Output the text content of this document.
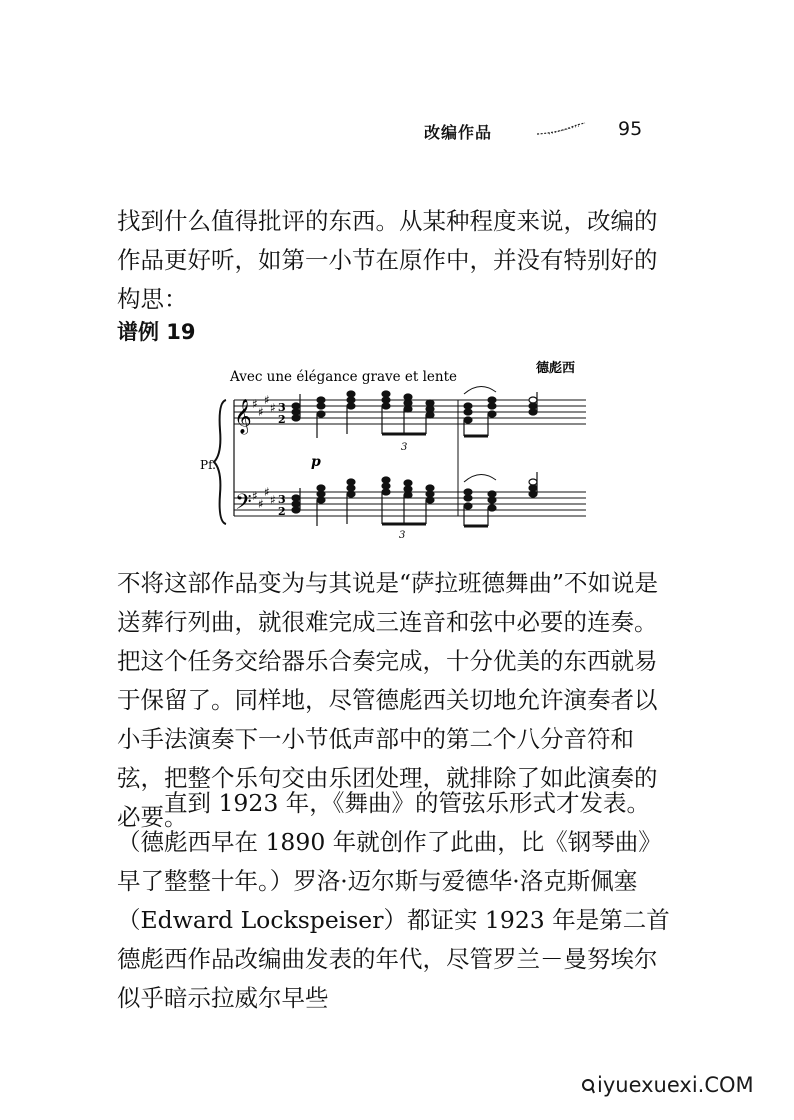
改编作品	95

找到什么值得批评的东西。从某种程度来说，改编的作品更好听，如第一小节在原作中，并没有特别好的构思：

谱例 19
Avec une élégance grave et lente
德彪西
Pf.
𝄞
𝄢
♯
♯
♯
♯
♯
♯
♯
♯
3
2
3
2
3
p
3

不将这部作品变为与其说是“萨拉班德舞曲”不如说是送葬行列曲，就很难完成三连音和弦中必要的连奏。把这个任务交给器乐合奏完成，十分优美的东西就易于保留了。同样地，尽管德彪西关切地允许演奏者以小手法演奏下一小节低声部中的第二个八分音符和弦，把整个乐句交由乐团处理，就排除了如此演奏的必要。

直到 1923 年，《舞曲》的管弦乐形式才发表。（德彪西早在 1890 年就创作了此曲，比《钢琴曲》早了整整十年。）罗洛·迈尔斯与爱德华·洛克斯佩塞（Edward Lockspeiser）都证实 1923 年是第二首德彪西作品改编曲发表的年代，尽管罗兰－曼努埃尔似乎暗示拉威尔早些

iyuexuexi.COM
